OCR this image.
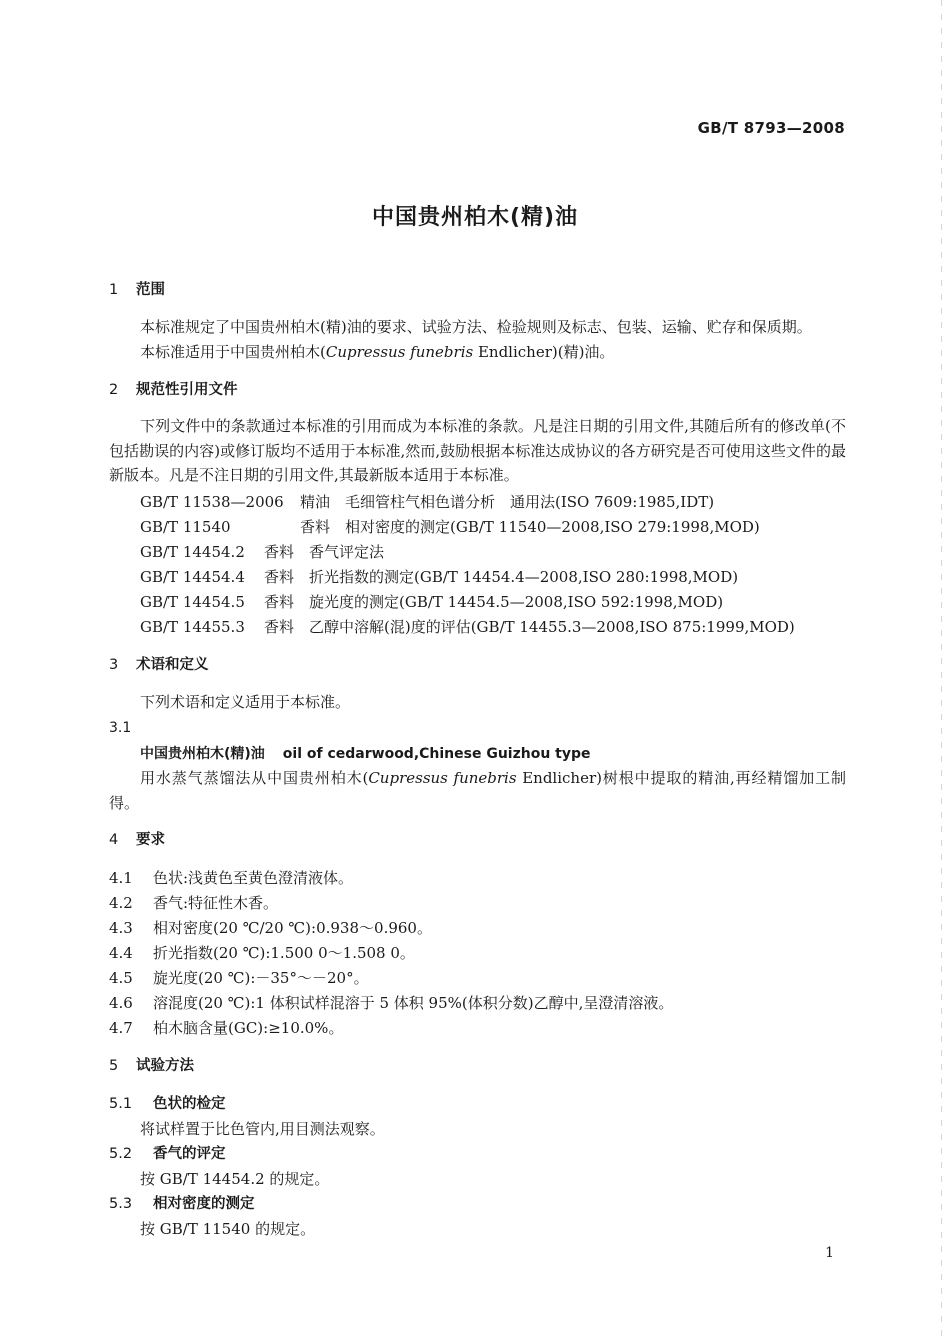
GB/T 8793—2008
中国贵州柏木(精)油
1 范围
本标准规定了中国贵州柏木(精)油的要求、试验方法、检验规则及标志、包装、运输、贮存和保质期。
本标准适用于中国贵州柏木(Cupressus funebris Endlicher)(精)油。
2 规范性引用文件
下列文件中的条款通过本标准的引用而成为本标准的条款。凡是注日期的引用文件,其随后所有的修改单(不包括勘误的内容)或修订版均不适用于本标准,然而,鼓励根据本标准达成协议的各方研究是否可使用这些文件的最新版本。凡是不注日期的引用文件,其最新版本适用于本标准。
GB/T 11538—2006 精油　毛细管柱气相色谱分析　通用法(ISO 7609:1985,IDT)
GB/T 11540	香料　相对密度的测定(GB/T 11540—2008,ISO 279:1998,MOD)
GB/T 14454.2 香料　香气评定法
GB/T 14454.4 香料　折光指数的测定(GB/T 14454.4—2008,ISO 280:1998,MOD)
GB/T 14454.5 香料　旋光度的测定(GB/T 14454.5—2008,ISO 592:1998,MOD)
GB/T 14455.3 香料　乙醇中溶解(混)度的评估(GB/T 14455.3—2008,ISO 875:1999,MOD)
3 术语和定义
下列术语和定义适用于本标准。
3.1
中国贵州柏木(精)油 oil of cedarwood,Chinese Guizhou type
用水蒸气蒸馏法从中国贵州柏木(Cupressus funebris Endlicher)树根中提取的精油,再经精馏加工制得。
4 要求
4.1 色状:浅黄色至黄色澄清液体。
4.2 香气:特征性木香。
4.3 相对密度(20 ℃/20 ℃):0.938～0.960。
4.4 折光指数(20 ℃):1.500 0～1.508 0。
4.5 旋光度(20 ℃):－35°～－20°。
4.6 溶混度(20 ℃):1 体积试样混溶于 5 体积 95%(体积分数)乙醇中,呈澄清溶液。
4.7 柏木脑含量(GC):≥10.0%。
5 试验方法
5.1 色状的检定
将试样置于比色管内,用目测法观察。
5.2 香气的评定
按 GB/T 14454.2 的规定。
5.3 相对密度的测定
按 GB/T 11540 的规定。
1
